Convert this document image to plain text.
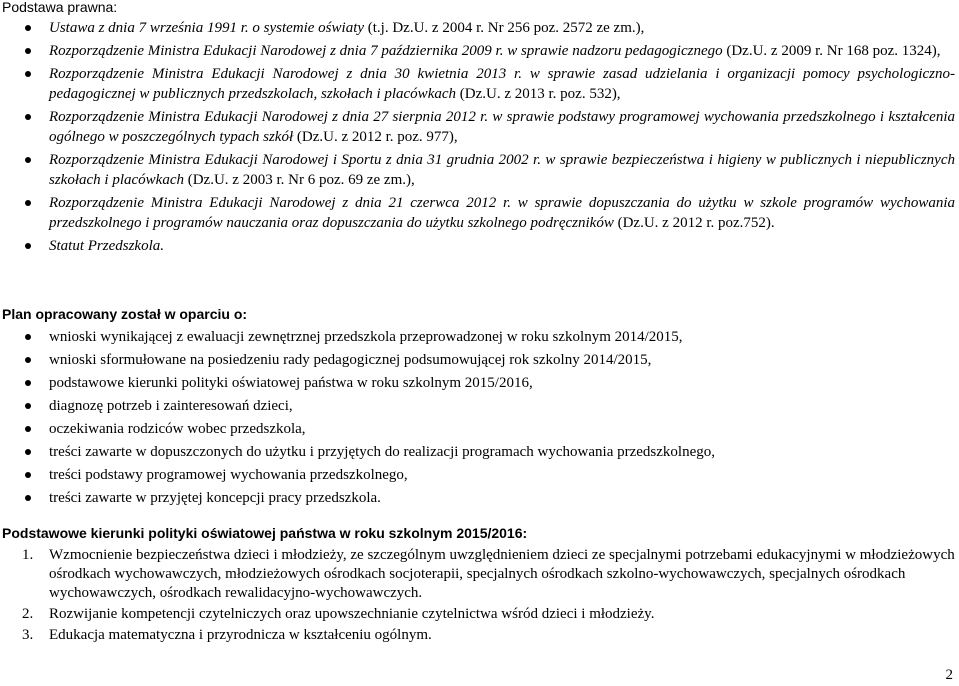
Podstawa prawna:
Ustawa z dnia 7 września 1991 r. o systemie oświaty (t.j. Dz.U. z 2004 r. Nr 256 poz. 2572 ze zm.),
Rozporządzenie Ministra Edukacji Narodowej z dnia 7 października 2009 r. w sprawie nadzoru pedagogicznego (Dz.U. z 2009 r. Nr 168 poz. 1324),
Rozporządzenie Ministra Edukacji Narodowej z dnia 30 kwietnia 2013 r. w sprawie zasad udzielania i organizacji pomocy psychologiczno-pedagogicznej w publicznych przedszkolach, szkołach i placówkach (Dz.U. z 2013 r. poz. 532),
Rozporządzenie Ministra Edukacji Narodowej z dnia 27 sierpnia 2012 r. w sprawie podstawy programowej wychowania przedszkolnego i kształcenia ogólnego w poszczególnych typach szkół (Dz.U. z 2012 r. poz. 977),
Rozporządzenie Ministra Edukacji Narodowej i Sportu z dnia 31 grudnia 2002 r. w sprawie bezpieczeństwa i higieny w publicznych i niepublicznych szkołach i placówkach (Dz.U. z 2003 r. Nr 6 poz. 69 ze zm.),
Rozporządzenie Ministra Edukacji Narodowej z dnia 21 czerwca 2012 r. w sprawie dopuszczania do użytku w szkole programów wychowania przedszkolnego i programów nauczania oraz dopuszczania do użytku szkolnego podręczników (Dz.U. z 2012 r. poz.752).
Statut Przedszkola.
Plan opracowany został w oparciu o:
wnioski wynikającej z ewaluacji zewnętrznej przedszkola przeprowadzonej w roku szkolnym 2014/2015,
wnioski sformułowane na posiedzeniu rady pedagogicznej podsumowującej rok szkolny 2014/2015,
podstawowe kierunki polityki oświatowej państwa w roku szkolnym 2015/2016,
diagnozę potrzeb i zainteresowań dzieci,
oczekiwania rodziców wobec przedszkola,
treści zawarte w dopuszczonych do użytku i przyjętych do realizacji programach wychowania przedszkolnego,
treści podstawy programowej wychowania przedszkolnego,
treści zawarte w przyjętej koncepcji pracy przedszkola.
Podstawowe kierunki polityki oświatowej państwa w roku szkolnym 2015/2016:
1. Wzmocnienie bezpieczeństwa dzieci i młodzieży, ze szczególnym uwzględnieniem dzieci ze specjalnymi potrzebami edukacyjnymi w młodzieżowych ośrodkach wychowawczych, młodzieżowych ośrodkach socjoterapii, specjalnych ośrodkach szkolno-wychowawczych, specjalnych ośrodkach wychowawczych, ośrodkach rewalidacyjno-wychowawczych.
2. Rozwijanie kompetencji czytelniczych oraz upowszechnianie czytelnictwa wśród dzieci i młodzieży.
3. Edukacja matematyczna i przyrodnicza w kształceniu ogólnym.
2
